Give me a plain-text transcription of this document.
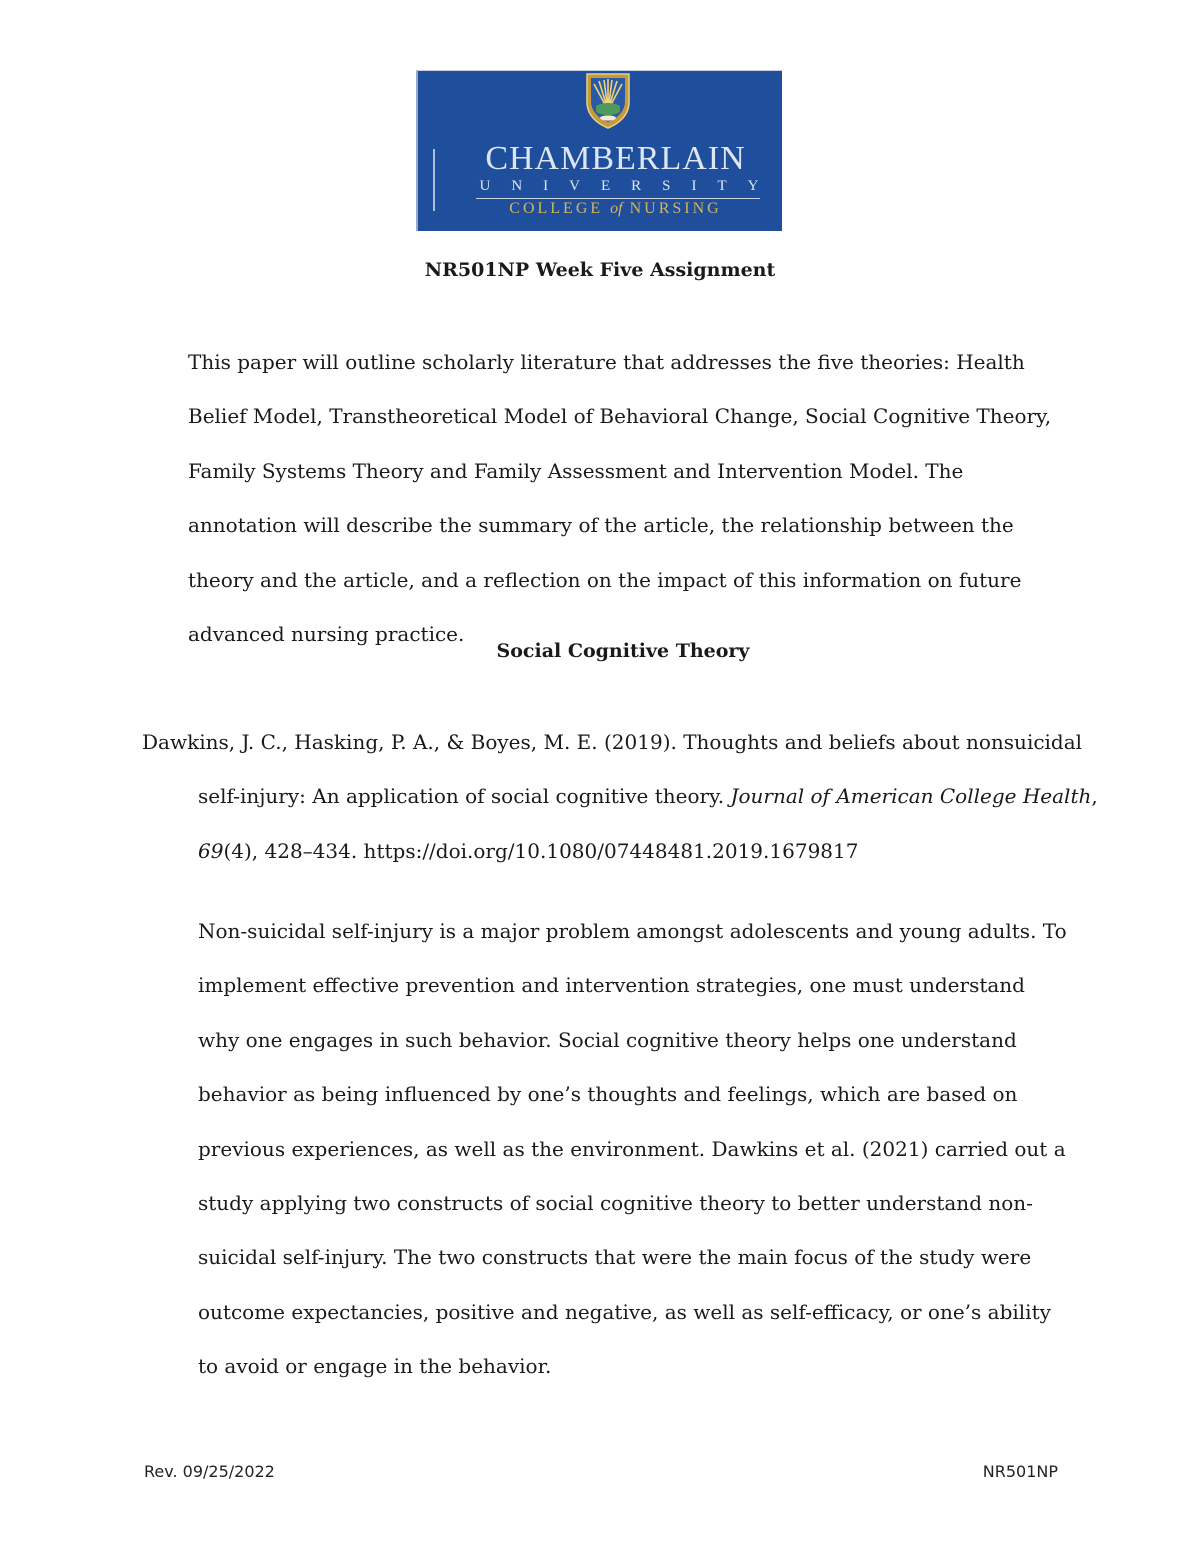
CHAMBERLAIN
UNIVERSITY
COLLEGE of NURSING
NR501NP Week Five Assignment

This paper will outline scholarly literature that addresses the five theories: Health Belief Model, Transtheoretical Model of Behavioral Change, Social Cognitive Theory, Family Systems Theory and Family Assessment and Intervention Model. The annotation will describe the summary of the article, the relationship between the theory and the article, and a reflection on the impact of this information on future advanced nursing practice.

Social Cognitive Theory

Dawkins, J. C., Hasking, P. A., & Boyes, M. E. (2019). Thoughts and beliefs about nonsuicidal self-injury: An application of social cognitive theory. Journal of American College Health, 69(4), 428–434. https://doi.org/10.1080/07448481.2019.1679817

Non-suicidal self-injury is a major problem amongst adolescents and young adults. To implement effective prevention and intervention strategies, one must understand why one engages in such behavior. Social cognitive theory helps one understand behavior as being influenced by one’s thoughts and feelings, which are based on previous experiences, as well as the environment. Dawkins et al. (2021) carried out a study applying two constructs of social cognitive theory to better understand non-suicidal self-injury. The two constructs that were the main focus of the study were outcome expectancies, positive and negative, as well as self-efficacy, or one’s ability to avoid or engage in the behavior.

Rev. 09/25/2022	NR501NP
